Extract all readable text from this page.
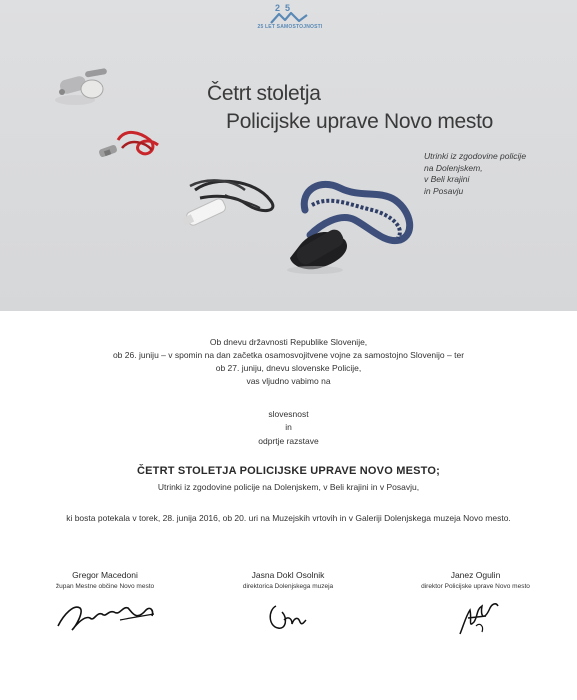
25
25 LET SAMOSTOJNOSTI
Četrt stoletja
Policijske uprave Novo mesto
Utrinki iz zgodovine policije
na Dolenjskem,
v Beli krajini
in Posavju
Ob dnevu državnosti Republike Slovenije,
ob 26. juniju – v spomin na dan začetka osamosvojitvene vojne za samostojno Slovenijo – ter
ob 27. juniju, dnevu slovenske Policije,
vas vljudno vabimo na
slovesnost
in
odprtje razstave
ČETRT STOLETJA POLICIJSKE UPRAVE NOVO MESTO;
Utrinki iz zgodovine policije na Dolenjskem, v Beli krajini in v Posavju,
ki bosta potekala v torek, 28. junija 2016, ob 20. uri na Muzejskih vrtovih in v Galeriji Dolenjskega muzeja Novo mesto.
Gregor Macedoni
župan Mestne občine Novo mesto
Jasna Dokl Osolnik
direktorica Dolenjskega muzeja
Janez Ogulin
direktor Policijske uprave Novo mesto
